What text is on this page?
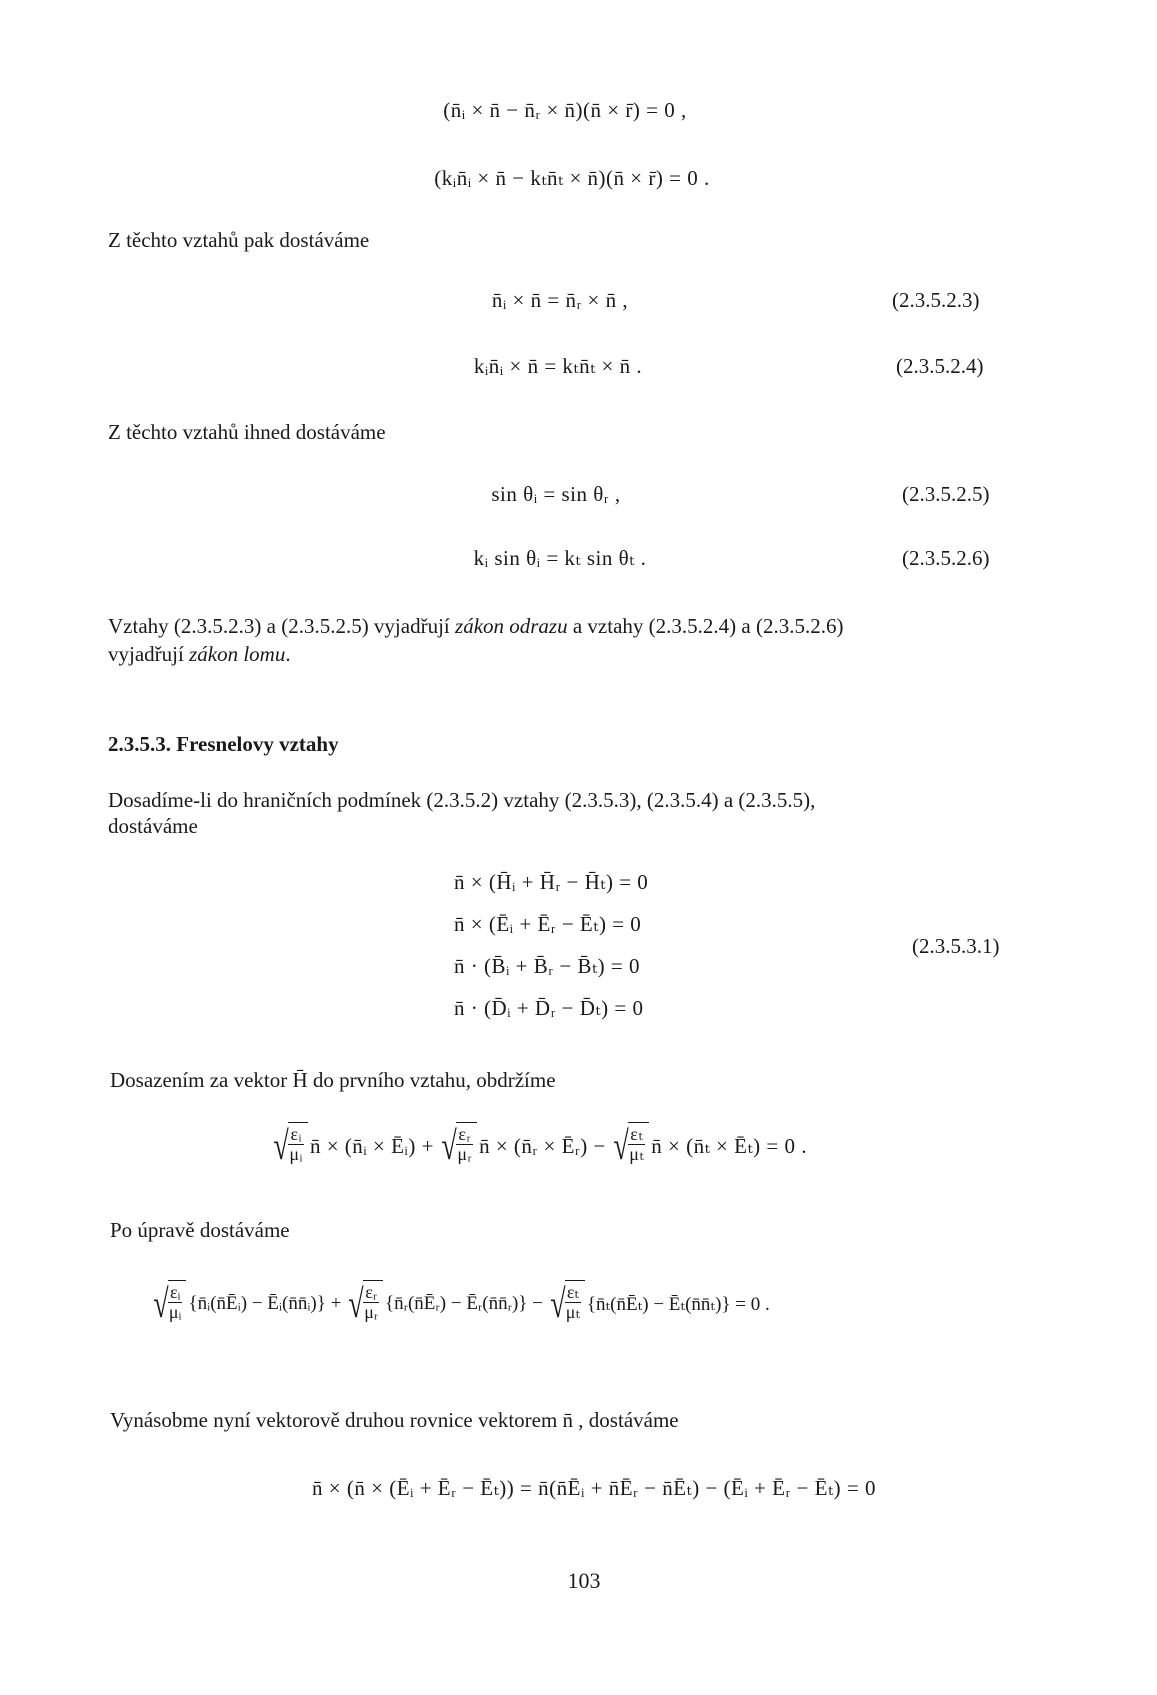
(n̄ᵢ × n̄ − n̄ᵣ × n̄)(n̄ × r̄) = 0 ,
(kᵢn̄ᵢ × n̄ − kₜn̄ₜ × n̄)(n̄ × r̄) = 0 .
Z těchto vztahů pak dostáváme
n̄ᵢ × n̄ = n̄ᵣ × n̄ ,	(2.3.5.2.3)
kᵢn̄ᵢ × n̄ = kₜn̄ₜ × n̄ .	(2.3.5.2.4)
Z těchto vztahů ihned dostáváme
sin θᵢ = sin θᵣ ,	(2.3.5.2.5)
kᵢ sin θᵢ = kₜ sin θₜ .	(2.3.5.2.6)
Vztahy (2.3.5.2.3) a (2.3.5.2.5) vyjadřují zákon odrazu a vztahy (2.3.5.2.4) a (2.3.5.2.6)
vyjadřují zákon lomu.
2.3.5.3. Fresnelovy vztahy
Dosadíme-li do hraničních podmínek (2.3.5.2) vztahy (2.3.5.3), (2.3.5.4) a (2.3.5.5),
dostáváme
n̄ × (H̄ᵢ + H̄ᵣ − H̄ₜ) = 0
n̄ × (Ēᵢ + Ēᵣ − Ēₜ) = 0
n̄ · (B̄ᵢ + B̄ᵣ − B̄ₜ) = 0
n̄ · (D̄ᵢ + D̄ᵣ − D̄ₜ) = 0
(2.3.5.3.1)
Dosazením za vektor H̄ do prvního vztahu, obdržíme
√ $\frac{\text{εᵢ}}{\text{μᵢ}}$ n̄ × (n̄ᵢ × Ēᵢ) + √ $\frac{\text{εᵣ}}{\text{μᵣ}}$ n̄ × (n̄ᵣ × Ēᵣ) − √ $\frac{\text{εₜ}}{\text{μₜ}}$ n̄ × (n̄ₜ × Ēₜ) = 0 .
Po úpravě dostáváme
√ $\frac{\text{εᵢ}}{\text{μᵢ}}$ {n̄ᵢ(n̄Ēᵢ) − Ēᵢ(n̄n̄ᵢ)} + √ $\frac{\text{εᵣ}}{\text{μᵣ}}$ {n̄ᵣ(n̄Ēᵣ) − Ēᵣ(n̄n̄ᵣ)} − √ $\frac{\text{εₜ}}{\text{μₜ}}$ {n̄ₜ(n̄Ēₜ) − Ēₜ(n̄n̄ₜ)} = 0 .
Vynásobme nyní vektorově druhou rovnice vektorem n̄ , dostáváme
n̄ × (n̄ × (Ēᵢ + Ēᵣ − Ēₜ)) = n̄(n̄Ēᵢ + n̄Ēᵣ − n̄Ēₜ) − (Ēᵢ + Ēᵣ − Ēₜ) = 0
103
